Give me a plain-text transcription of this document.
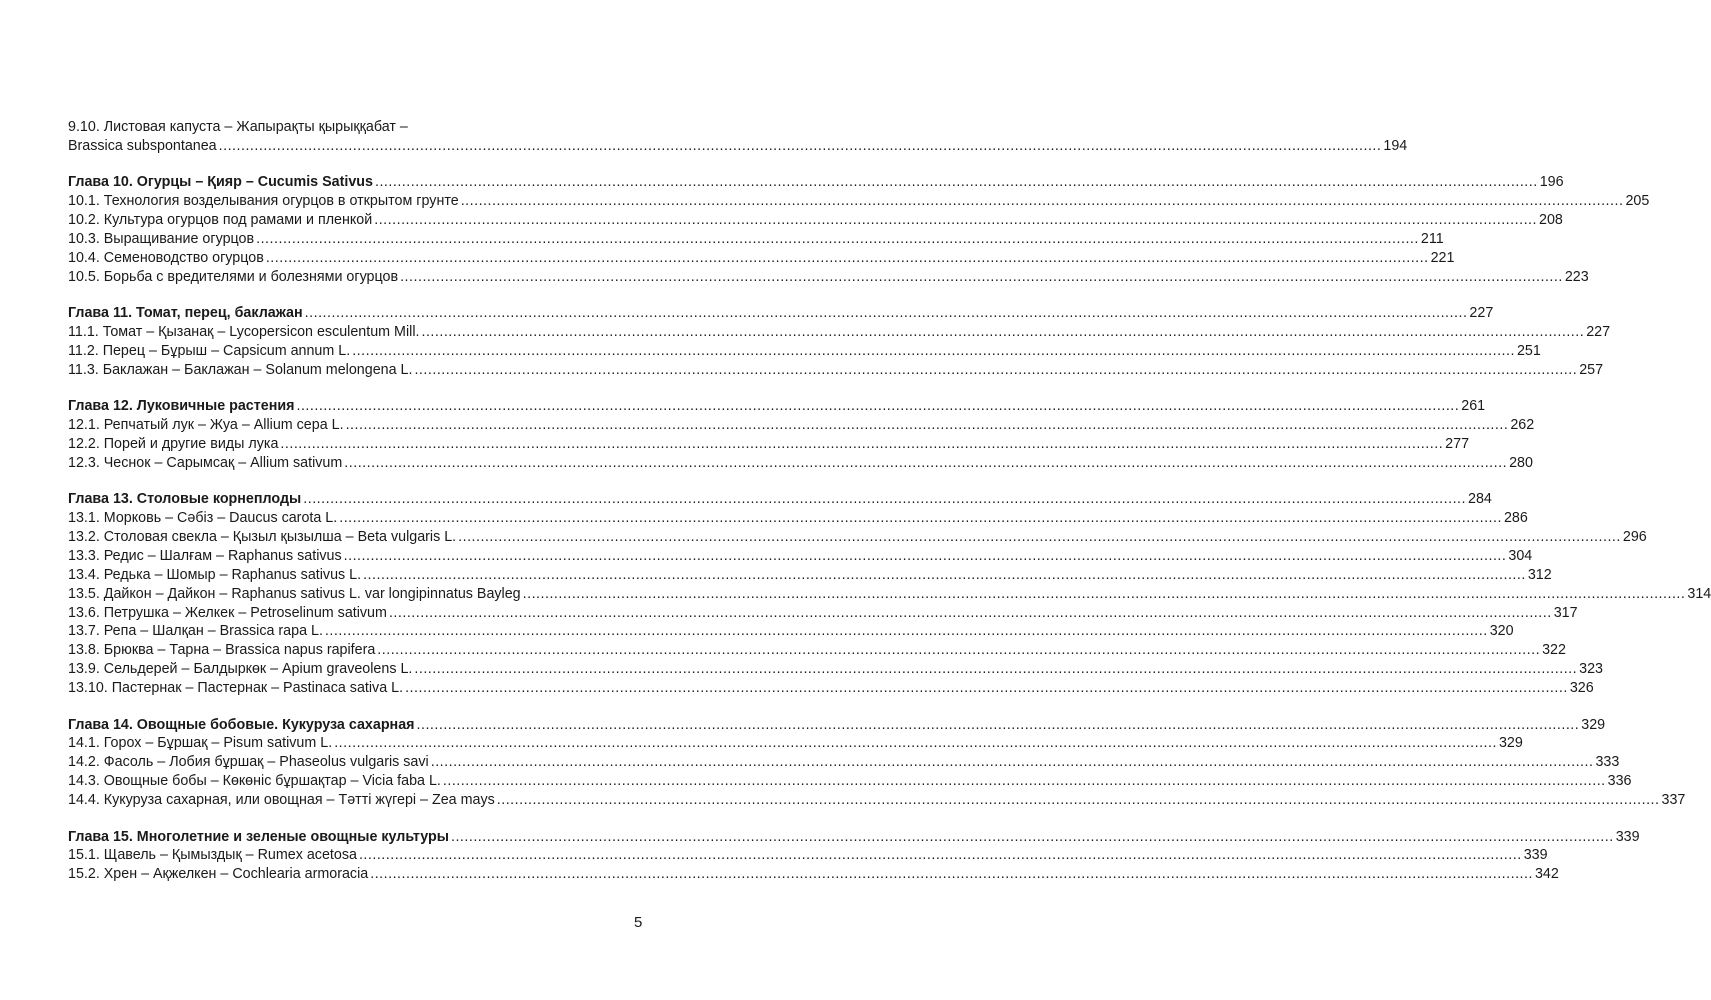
9.10. Листовая капуста – Жапырақты қырыққабат –
Brassica subspontanea .................................................................................................................................................................................................................................................................... 194
Глава 10. Огурцы – Қияр – Cucumis Sativus .................................................................................................................................................................................................................................................................... 196
10.1. Технология возделывания огурцов в открытом грунте .................................................................................................................................................................................................................................................................... 205
10.2. Культура огурцов под рамами и пленкой .................................................................................................................................................................................................................................................................... 208
10.3. Выращивание огурцов .................................................................................................................................................................................................................................................................... 211
10.4. Семеноводство огурцов .................................................................................................................................................................................................................................................................... 221
10.5. Борьба с вредителями и болезнями огурцов .................................................................................................................................................................................................................................................................... 223
Глава 11. Томат, перец, баклажан .................................................................................................................................................................................................................................................................... 227
11.1. Томат – Қызанақ – Lycopersicon esculentum Mill. .................................................................................................................................................................................................................................................................... 227
11.2. Перец – Бұрыш – Capsicum annum L. .................................................................................................................................................................................................................................................................... 251
11.3. Баклажан – Баклажан – Solanum melongena L. .................................................................................................................................................................................................................................................................... 257
Глава 12. Луковичные растения .................................................................................................................................................................................................................................................................... 261
12.1. Репчатый лук – Жуа – Allium cepa L. .................................................................................................................................................................................................................................................................... 262
12.2. Порей и другие виды лука .................................................................................................................................................................................................................................................................... 277
12.3. Чеснок – Сарымсақ – Allium sativum .................................................................................................................................................................................................................................................................... 280
Глава 13. Столовые корнеплоды .................................................................................................................................................................................................................................................................... 284
13.1. Морковь – Сәбіз – Daucus carota L. .................................................................................................................................................................................................................................................................... 286
13.2. Столовая свекла – Қызыл қызылша – Beta vulgaris L. .................................................................................................................................................................................................................................................................... 296
13.3. Редис – Шалғам – Raphanus sativus .................................................................................................................................................................................................................................................................... 304
13.4. Редька – Шомыр – Raphanus sativus L. .................................................................................................................................................................................................................................................................... 312
13.5. Дайкон – Дайкон – Raphanus sativus L. var longipinnatus Bayleg .................................................................................................................................................................................................................................................................... 314
13.6. Петрушка – Желкек – Petroselinum sativum .................................................................................................................................................................................................................................................................... 317
13.7. Репа – Шалқан – Brassica rapa L. .................................................................................................................................................................................................................................................................... 320
13.8. Брюква – Тарна – Brassica napus rapifera .................................................................................................................................................................................................................................................................... 322
13.9. Сельдерей – Балдыркөк – Apium graveolens L. .................................................................................................................................................................................................................................................................... 323
13.10. Пастернак – Пастернак – Pastinaca sativa L. .................................................................................................................................................................................................................................................................... 326
Глава 14. Овощные бобовые. Кукуруза сахарная .................................................................................................................................................................................................................................................................... 329
14.1. Горох – Бұршақ – Pisum sativum L. .................................................................................................................................................................................................................................................................... 329
14.2. Фасоль – Лобия бұршақ – Phaseolus vulgaris savi .................................................................................................................................................................................................................................................................... 333
14.3. Овощные бобы – Көкөніс бұршақтар – Vicia faba L. .................................................................................................................................................................................................................................................................... 336
14.4. Кукуруза сахарная, или овощная – Тәтті жүгері – Zea mays .................................................................................................................................................................................................................................................................... 337
Глава 15. Многолетние и зеленые овощные культуры .................................................................................................................................................................................................................................................................... 339
15.1. Щавель – Қымыздық – Rumex acetosa .................................................................................................................................................................................................................................................................... 339
15.2. Хрен – Ақжелкен – Cochlearia armoracia .................................................................................................................................................................................................................................................................... 342
5
